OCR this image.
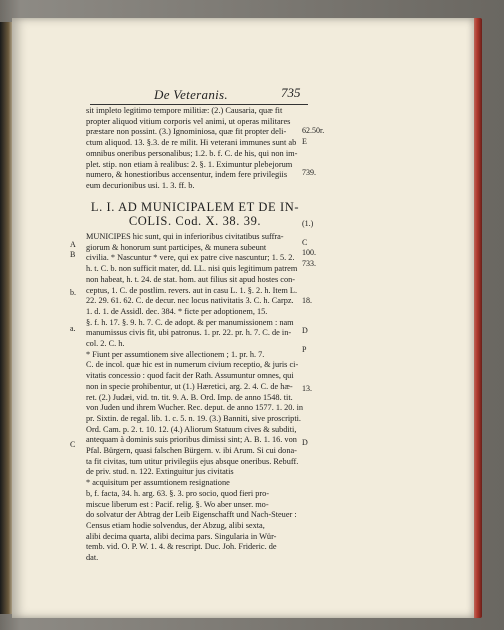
De Veteranis.	735
sit impleto legitimo tempore militiæ: (2.) Causaria, quæ fit
propter aliquod vitium corporis vel animi, ut operas militares
præstare non possint. (3.) Ignominiosa, quæ fit propter deli-
ctum aliquod. 13. §.3. de re milit. Hi veterani immunes sunt ab
omnibus oneribus personalibus; 1.2. b. f. C. de his, qui non im-
plet. stip. non etiam à realibus: 2. §. 1. Eximuntur plebejorum
numero, & honestioribus accensentur, indem fere privilegiis
eum decurionibus usi. 1. 3. ff. b.
L. I. AD MUNICIPALEM ET DE IN-
COLIS. Cod. X. 38. 39.
MUNICIPES hic sunt, qui in inferioribus civitatibus suffra-
giorum & honorum sunt participes, & munera subeunt
civilia. * Nascuntur * vere, qui ex patre cive nascuntur; 1. 5. 2.
h. t. C. b. non sufficit mater, dd. LL. nisi quis legitimum patrem
non habeat, h. t. 24. de stat. hom. aut filius sit apud hostes con-
ceptus, 1. C. de postlim. revers. aut in casu L. 1. §. 2. h. Item L.
22. 29. 61. 62. C. de decur. nec locus nativitatis 3. C. h. Carpz.
1. d. 1. de Assidl. dec. 384. * ficte per adoptionem, 15.
§. f. h. 17. §. 9. h. 7. C. de adopt. & per manumissionem : nam
manumissus civis fit, ubi patronus. 1. pr. 22. pr. h. 7. C. de in-
col. 2. C. h.
* Fiunt per assumtionem sive allectionem ; 1. pr. h. 7.
C. de incol. quæ hic est in numerum civium receptio, & juris ci-
vitatis concessio : quod facit der Rath. Assumuntur omnes, qui
non in specie prohibentur, ut (1.) Hæretici, arg. 2. 4. C. de hæ-
ret. (2.) Judæi, vid. tn. tit. 9. A. B. Ord. Imp. de anno 1548. tit.
von Juden und ihrem Wucher. Rec. deput. de anno 1577. 1. 20. in
pr. Sixtin. de regal. lib. 1. c. 5. n. 19. (3.) Banniti, sive proscripti.
Ord. Cam. p. 2. t. 10. 12. (4.) Aliorum Statuum cives & subditi,
antequam à dominis suis prioribus dimissi sint; A. B. 1. 16. von
Pfal. Bürgern, quasi falschen Bürgern. v. ibi Arum. Si cui dona-
ta fit civitas, tum utitur privilegiis ejus absque oneribus. Rebuff.
de priv. stud. n. 122. Extinguitur jus civitatis
* acquisitum per assumtionem resignatione
b, f. facta, 34. h. arg. 63. §. 3. pro socio, quod fieri pro-
miscue liberum est : Pacif. relig. §. Wo aber unser. mo-
do solvatur der Abtrag der Leib Eigenschafft und Nach-Steuer :
Census etiam hodie solvendus, der Abzug, alibi sexta,
alibi decima quarta, alibi decima pars. Singularia in Wür-
temb. vid. O. P. W. 1. 4. & rescript. Duc. Joh. Frideric. de
dat.
62.50r.
E
739.
(1.)
C
100.
733.
18.
D
P
13.
D
A
B
b.
a.
C
